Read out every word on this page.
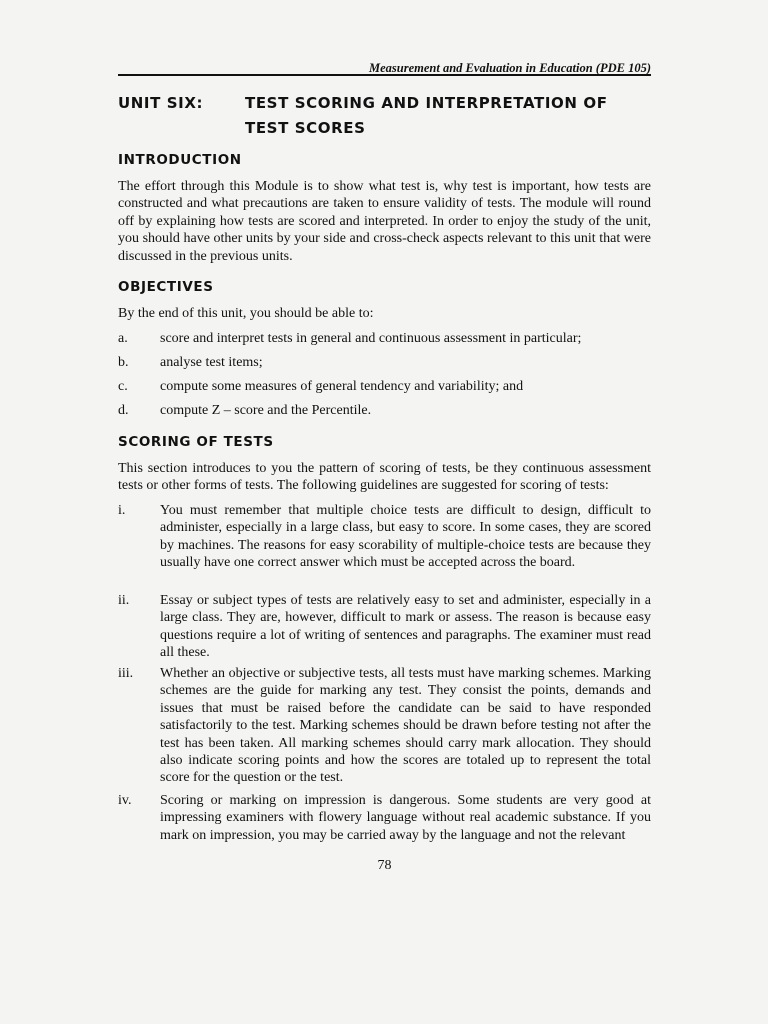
Measurement and Evaluation in Education (PDE 105)
UNIT SIX:	TEST SCORING AND INTERPRETATION OF TEST SCORES
INTRODUCTION
The effort through this Module is to show what test is, why test is important, how tests are constructed and what precautions are taken to ensure validity of tests. The module will round off by explaining how tests are scored and interpreted. In order to enjoy the study of the unit, you should have other units by your side and cross-check aspects relevant to this unit that were discussed in the previous units.
OBJECTIVES
By the end of this unit, you should be able to:
a. score and interpret tests in general and continuous assessment in particular;
b. analyse test items;
c. compute some measures of general tendency and variability; and
d. compute Z – score and the Percentile.
SCORING OF TESTS
This section introduces to you the pattern of scoring of tests, be they continuous assessment tests or other forms of tests. The following guidelines are suggested for scoring of tests:
i. You must remember that multiple choice tests are difficult to design, difficult to administer, especially in a large class, but easy to score. In some cases, they are scored by machines. The reasons for easy scorability of multiple-choice tests are because they usually have one correct answer which must be accepted across the board.
ii. Essay or subject types of tests are relatively easy to set and administer, especially in a large class. They are, however, difficult to mark or assess. The reason is because easy questions require a lot of writing of sentences and paragraphs. The examiner must read all these.
iii. Whether an objective or subjective tests, all tests must have marking schemes. Marking schemes are the guide for marking any test. They consist the points, demands and issues that must be raised before the candidate can be said to have responded satisfactorily to the test. Marking schemes should be drawn before testing not after the test has been taken. All marking schemes should carry mark allocation. They should also indicate scoring points and how the scores are totaled up to represent the total score for the question or the test.
iv. Scoring or marking on impression is dangerous. Some students are very good at impressing examiners with flowery language without real academic substance. If you mark on impression, you may be carried away by the language and not the relevant
78
